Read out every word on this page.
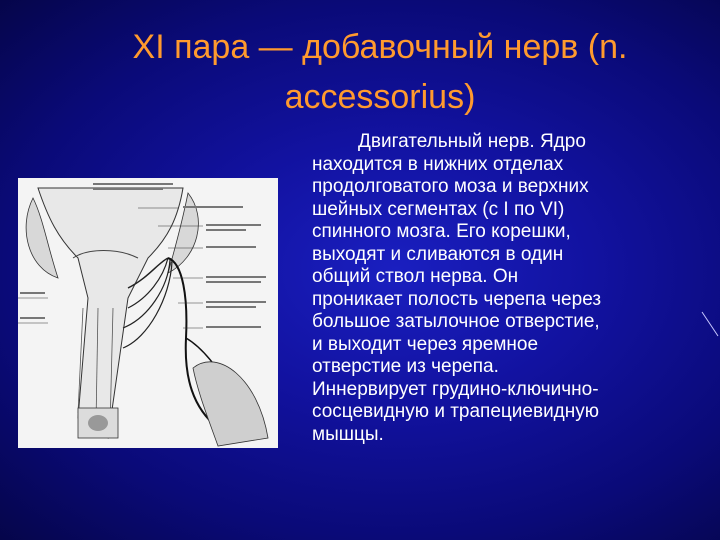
XI пара — добавочный нерв (n.
accessorius)
Двигательный нерв. Ядро
находится в нижних отделах
продолговатого моза и верхних
шейных сегментах (с I по VI)
спинного мозга. Его корешки,
выходят и сливаются в один
общий ствол нерва. Он
проникает полость черепа через
большое затылочное отверстие,
и выходит через яремное
отверстие из черепа.
Иннервирует грудино-ключично-
сосцевидную и трапециевидную
мышцы.
